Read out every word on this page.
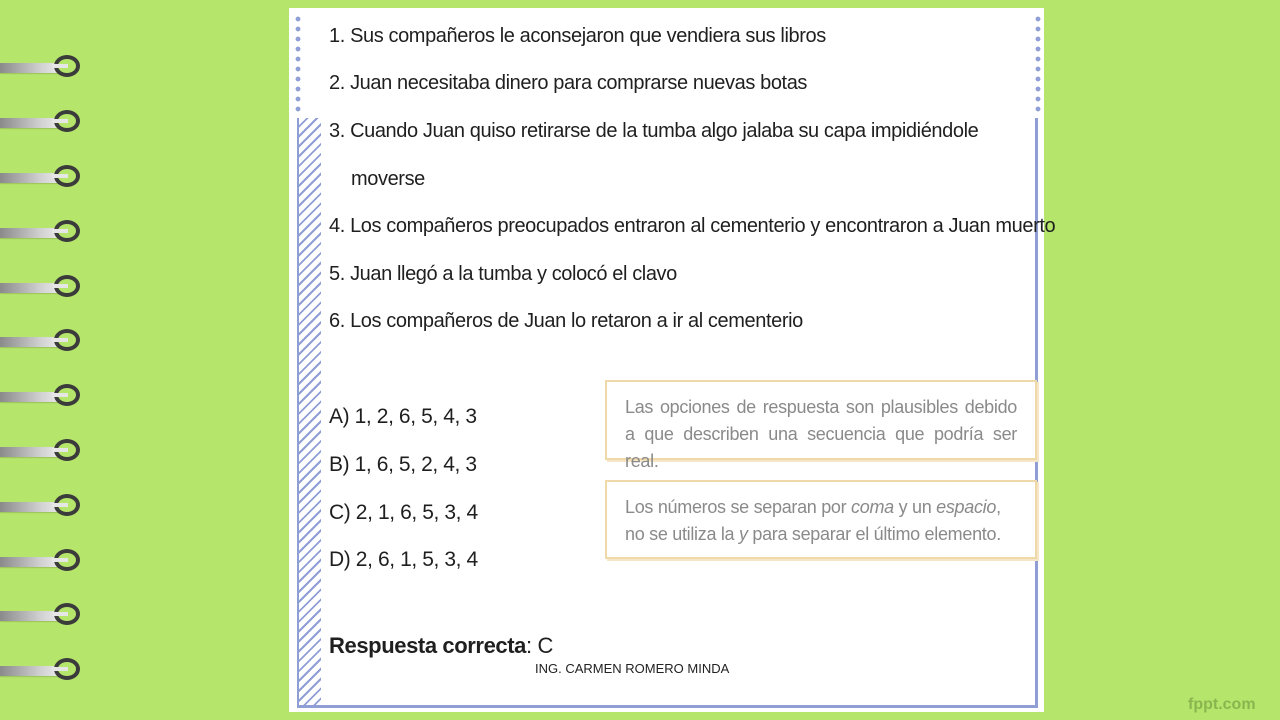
1. Sus compañeros le aconsejaron que vendiera sus libros
2. Juan necesitaba dinero para comprarse nuevas botas
3. Cuando Juan quiso retirarse de la tumba algo jalaba su capa impidiéndole
moverse
4. Los compañeros preocupados entraron al cementerio y encontraron a Juan muerto
5. Juan llegó a la tumba y colocó el clavo
6. Los compañeros de Juan lo retaron a ir al cementerio
A) 1, 2, 6, 5, 4, 3
B) 1, 6, 5, 2, 4, 3
C) 2, 1, 6, 5, 3, 4
D) 2, 6, 1, 5, 3, 4
Las opciones de respuesta son plausibles debido a que describen una secuencia que podría ser real.
Los números se separan por coma y un espacio, no se utiliza la y para separar el último elemento.
Respuesta correcta: C
ING. CARMEN ROMERO MINDA
fppt.com
